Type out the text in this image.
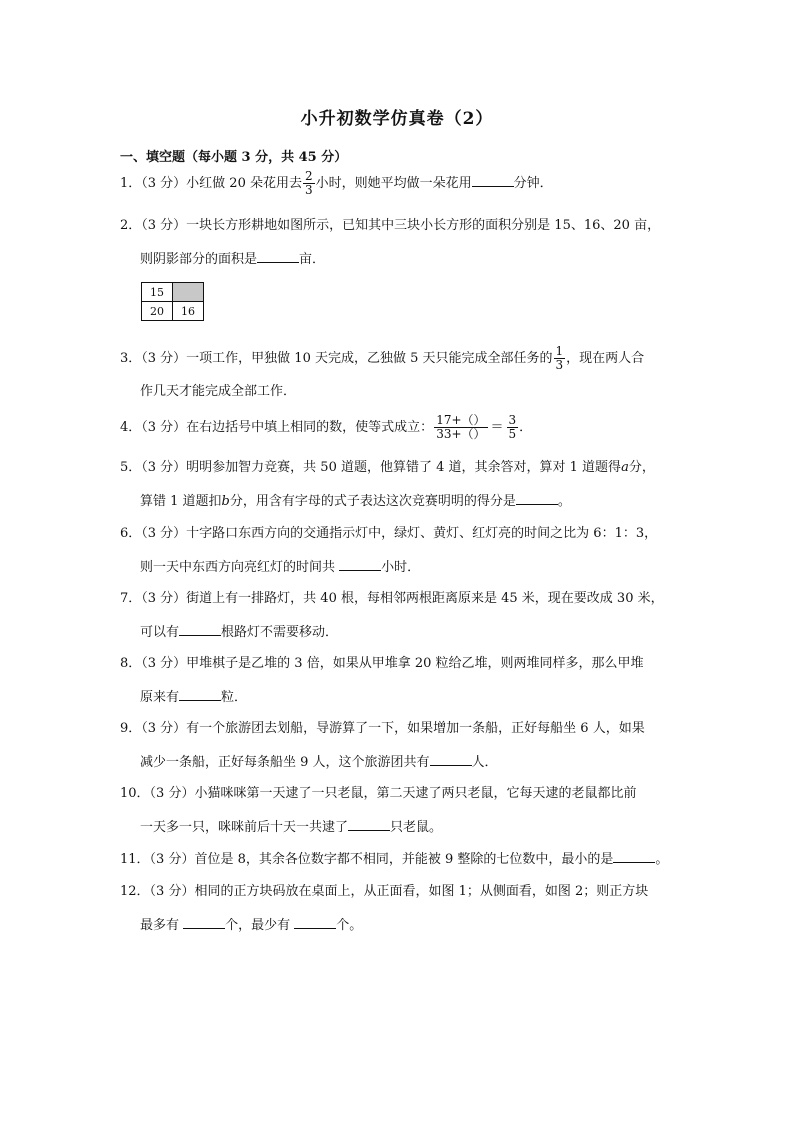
小升初数学仿真卷（2）
一、填空题（每小题 3 分，共 45 分）
1．（3 分）小红做 20 朵花用去 $\frac{2}{3}$ 小时，则她平均做一朵花用	分钟．
2．（3 分）一块长方形耕地如图所示，已知其中三块小长方形的面积分别是 15、16、20 亩，
则阴影部分的面积是	亩．
15	
20	16
3．（3 分）一项工作，甲独做 10 天完成，乙独做 5 天只能完成全部任务的 $\frac{1}{3}$ ，现在两人合
作几天才能完成全部工作．
4．（3 分）在右边括号中填上相同的数，使等式成立： $\frac{17+()}{33+()} = \frac{3}{5}$ ．
5．（3 分）明明参加智力竞赛，共 50 道题，他算错了 4 道，其余答对，算对 1 道题得a分，
算错 1 道题扣b分，用含有字母的式子表达这次竞赛明明的得分是	。
6．（3 分）十字路口东西方向的交通指示灯中，绿灯、黄灯、红灯亮的时间之比为 6：1：3，
则一天中东西方向亮红灯的时间共	小时．
7．（3 分）街道上有一排路灯，共 40 根，每相邻两根距离原来是 45 米，现在要改成 30 米，
可以有	根路灯不需要移动．
8．（3 分）甲堆棋子是乙堆的 3 倍，如果从甲堆拿 20 粒给乙堆，则两堆同样多，那么甲堆
原来有	粒．
9．（3 分）有一个旅游团去划船，导游算了一下，如果增加一条船，正好每船坐 6 人，如果
减少一条船，正好每条船坐 9 人，这个旅游团共有	人．
10．（3 分）小猫咪咪第一天逮了一只老鼠，第二天逮了两只老鼠，它每天逮的老鼠都比前
一天多一只，咪咪前后十天一共逮了	只老鼠。
11．（3 分）首位是 8，其余各位数字都不相同，并能被 9 整除的七位数中，最小的是	。
12．（3 分）相同的正方块码放在桌面上，从正面看，如图 1；从侧面看，如图 2；则正方块
最多有	个，最少有	个。
